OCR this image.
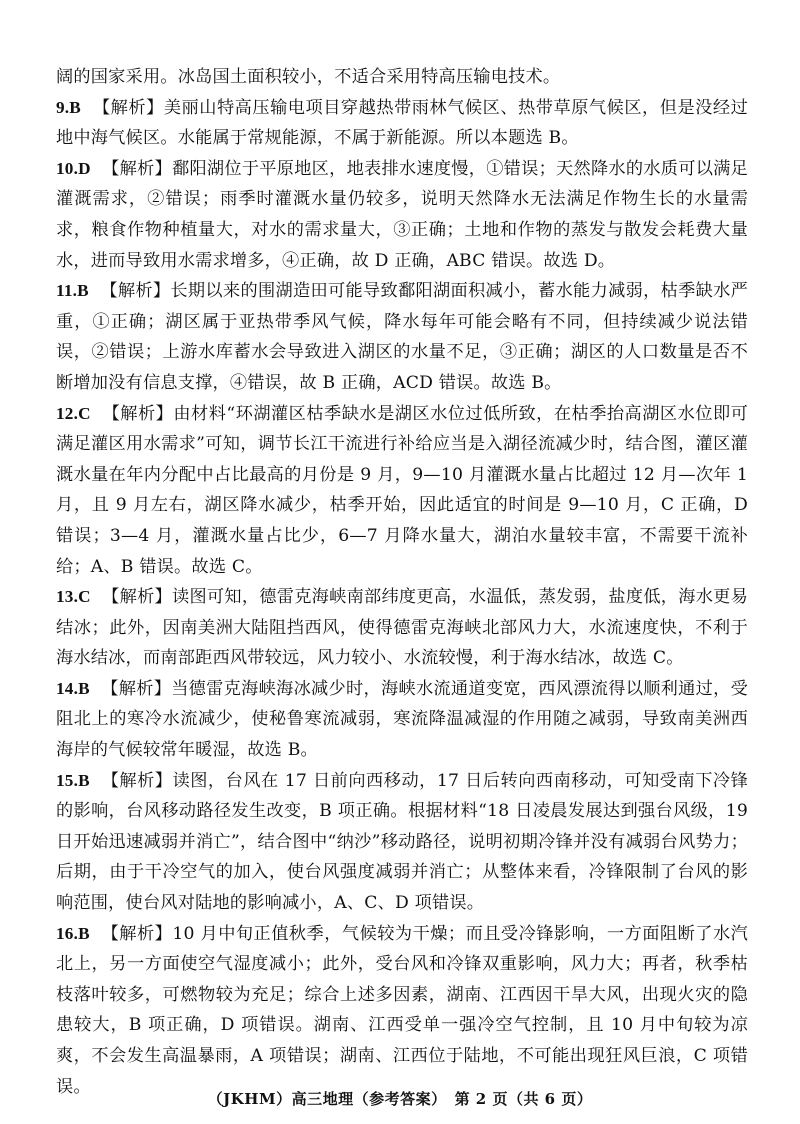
阔的国家采用。冰岛国土面积较小，不适合采用特高压输电技术。

9.B 【解析】美丽山特高压输电项目穿越热带雨林气候区、热带草原气候区，但是没经过地中海气候区。水能属于常规能源，不属于新能源。所以本题选 B。

10.D 【解析】鄱阳湖位于平原地区，地表排水速度慢，①错误；天然降水的水质可以满足灌溉需求，②错误；雨季时灌溉水量仍较多，说明天然降水无法满足作物生长的水量需求，粮食作物种植量大，对水的需求量大，③正确；土地和作物的蒸发与散发会耗费大量水，进而导致用水需求增多，④正确，故 D 正确，ABC 错误。故选 D。

11.B 【解析】长期以来的围湖造田可能导致鄱阳湖面积减小，蓄水能力减弱，枯季缺水严重，①正确；湖区属于亚热带季风气候，降水每年可能会略有不同，但持续减少说法错误，②错误；上游水库蓄水会导致进入湖区的水量不足，③正确；湖区的人口数量是否不断增加没有信息支撑，④错误，故 B 正确，ACD 错误。故选 B。

12.C 【解析】由材料“环湖灌区枯季缺水是湖区水位过低所致，在枯季抬高湖区水位即可满足灌区用水需求”可知，调节长江干流进行补给应当是入湖径流减少时，结合图，灌区灌溉水量在年内分配中占比最高的月份是 9 月，9—10 月灌溉水量占比超过 12 月—次年 1 月，且 9 月左右，湖区降水减少，枯季开始，因此适宜的时间是 9—10 月，C 正确，D 错误；3—4 月，灌溉水量占比少，6—7 月降水量大，湖泊水量较丰富，不需要干流补给；A、B 错误。故选 C。

13.C 【解析】读图可知，德雷克海峡南部纬度更高，水温低，蒸发弱，盐度低，海水更易结冰；此外，因南美洲大陆阻挡西风，使得德雷克海峡北部风力大，水流速度快，不利于海水结冰，而南部距西风带较远，风力较小、水流较慢，利于海水结冰，故选 C。

14.B 【解析】当德雷克海峡海冰减少时，海峡水流通道变宽，西风漂流得以顺利通过，受阻北上的寒冷水流减少，使秘鲁寒流减弱，寒流降温减湿的作用随之减弱，导致南美洲西海岸的气候较常年暖湿，故选 B。

15.B 【解析】读图，台风在 17 日前向西移动，17 日后转向西南移动，可知受南下冷锋的影响，台风移动路径发生改变，B 项正确。根据材料“18 日凌晨发展达到强台风级，19 日开始迅速减弱并消亡”，结合图中“纳沙”移动路径，说明初期冷锋并没有减弱台风势力；后期，由于干冷空气的加入，使台风强度减弱并消亡；从整体来看，冷锋限制了台风的影响范围，使台风对陆地的影响减小，A、C、D 项错误。

16.B 【解析】10 月中旬正值秋季，气候较为干燥；而且受冷锋影响，一方面阻断了水汽北上，另一方面使空气湿度减小；此外，受台风和冷锋双重影响，风力大；再者，秋季枯枝落叶较多，可燃物较为充足；综合上述多因素，湖南、江西因干旱大风，出现火灾的隐患较大，B 项正确，D 项错误。湖南、江西受单一强冷空气控制，且 10 月中旬较为凉爽，不会发生高温暴雨，A 项错误；湖南、江西位于陆地，不可能出现狂风巨浪，C 项错误。

（JKHM）高三地理（参考答案）　第 2 页（共 6 页）
